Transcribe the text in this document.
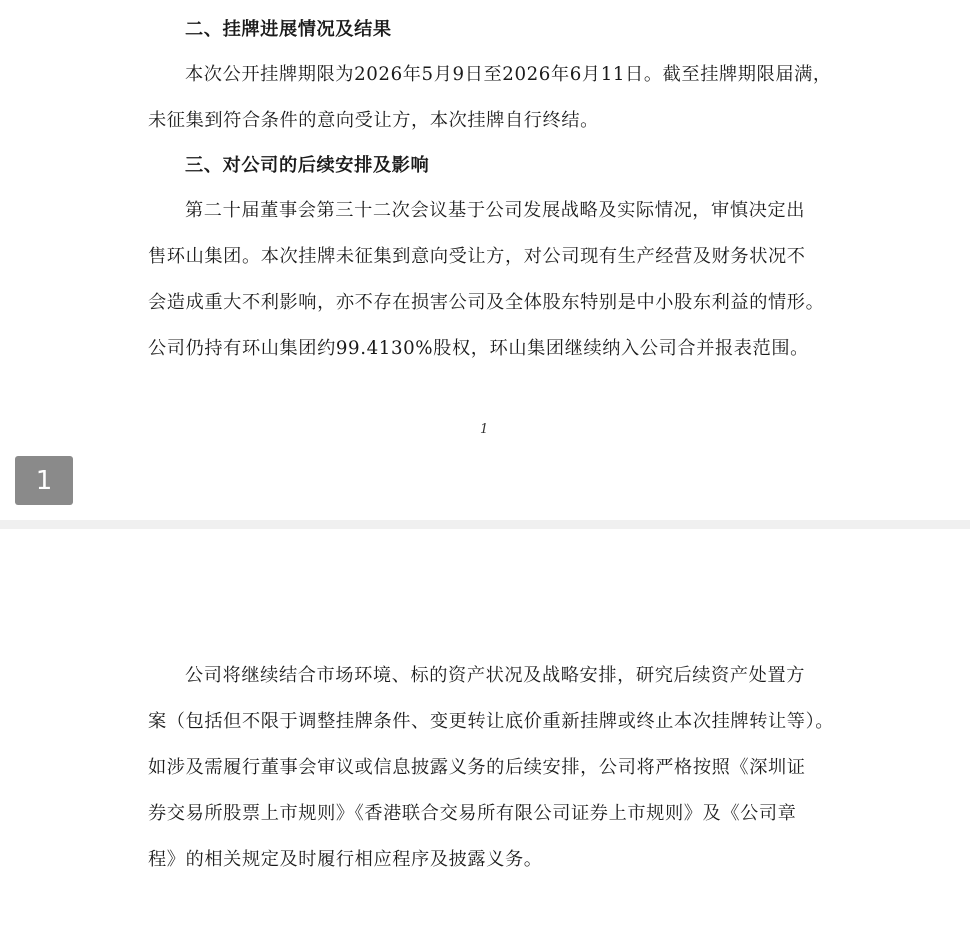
二、挂牌进展情况及结果
本次公开挂牌期限为2026年5月9日至2026年6月11日。截至挂牌期限届满，
未征集到符合条件的意向受让方，本次挂牌自行终结。
三、对公司的后续安排及影响
第二十届董事会第三十二次会议基于公司发展战略及实际情况，审慎决定出
售环山集团。本次挂牌未征集到意向受让方，对公司现有生产经营及财务状况不
会造成重大不利影响，亦不存在损害公司及全体股东特别是中小股东利益的情形。
公司仍持有环山集团约99.4130%股权，环山集团继续纳入公司合并报表范围。
1
1
公司将继续结合市场环境、标的资产状况及战略安排，研究后续资产处置方
案（包括但不限于调整挂牌条件、变更转让底价重新挂牌或终止本次挂牌转让等）。
如涉及需履行董事会审议或信息披露义务的后续安排，公司将严格按照《深圳证
券交易所股票上市规则》《香港联合交易所有限公司证券上市规则》及《公司章
程》的相关规定及时履行相应程序及披露义务。
